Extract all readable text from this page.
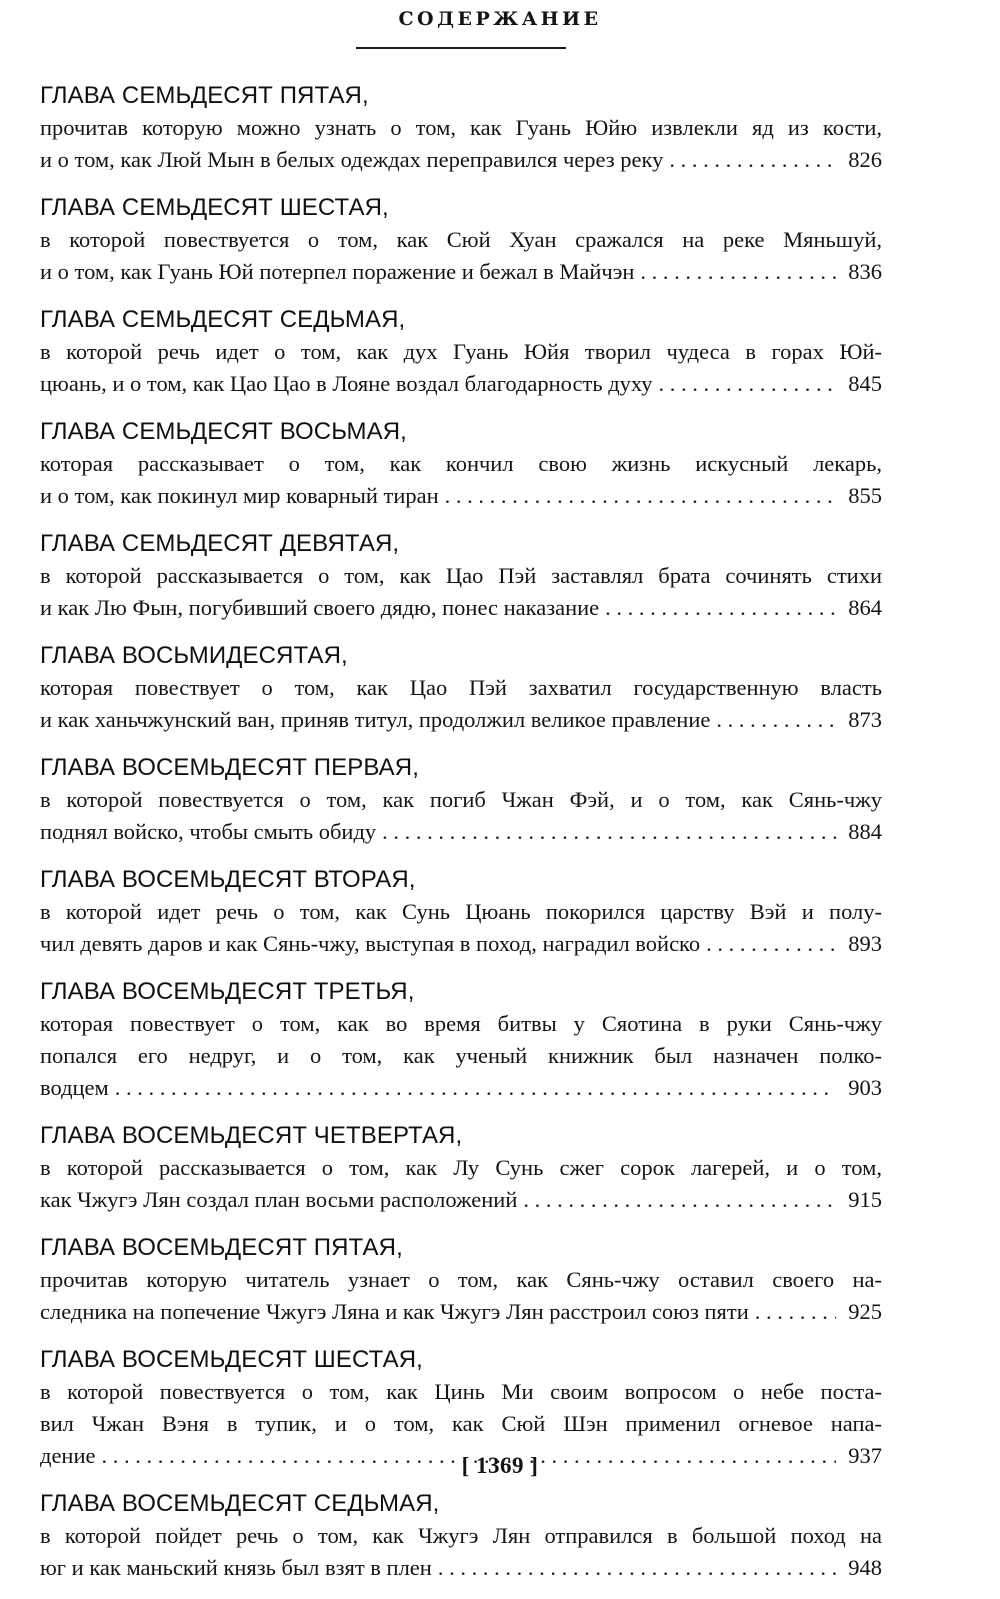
СОДЕРЖАНИЕ
ГЛАВА СЕМЬДЕСЯТ ПЯТАЯ,
прочитав которую можно узнать о том, как Гуань Юйю извлекли яд из кости,
и о том, как Люй Мын в белых одеждах переправился через реку . . .	826
ГЛАВА СЕМЬДЕСЯТ ШЕСТАЯ,
в которой повествуется о том, как Сюй Хуан сражался на реке Мяньшуй,
и о том, как Гуань Юй потерпел поражение и бежал в Майчэн . . .	836
ГЛАВА СЕМЬДЕСЯТ СЕДЬМАЯ,
в которой речь идет о том, как дух Гуань Юйя творил чудеса в горах Юй-
цюань, и о том, как Цао Цао в Лояне воздал благодарность духу . . .	845
ГЛАВА СЕМЬДЕСЯТ ВОСЬМАЯ,
которая рассказывает о том, как кончил свою жизнь искусный лекарь,
и о том, как покинул мир коварный тиран . . .	855
ГЛАВА СЕМЬДЕСЯТ ДЕВЯТАЯ,
в которой рассказывается о том, как Цао Пэй заставлял брата сочинять стихи
и как Лю Фын, погубивший своего дядю, понес наказание . . .	864
ГЛАВА ВОСЬМИДЕСЯТАЯ,
которая повествует о том, как Цао Пэй захватил государственную власть
и как ханьчжунский ван, приняв титул, продолжил великое правление . . .	873
ГЛАВА ВОСЕМЬДЕСЯТ ПЕРВАЯ,
в которой повествуется о том, как погиб Чжан Фэй, и о том, как Сянь-чжу
поднял войско, чтобы смыть обиду . . .	884
ГЛАВА ВОСЕМЬДЕСЯТ ВТОРАЯ,
в которой идет речь о том, как Сунь Цюань покорился царству Вэй и полу-
чил девять даров и как Сянь-чжу, выступая в поход, наградил войско . . .	893
ГЛАВА ВОСЕМЬДЕСЯТ ТРЕТЬЯ,
которая повествует о том, как во время битвы у Сяотина в руки Сянь-чжу
попался его недруг, и о том, как ученый книжник был назначен полко-
водцем . . .	903
ГЛАВА ВОСЕМЬДЕСЯТ ЧЕТВЕРТАЯ,
в которой рассказывается о том, как Лу Сунь сжег сорок лагерей, и о том,
как Чжугэ Лян создал план восьми расположений . . .	915
ГЛАВА ВОСЕМЬДЕСЯТ ПЯТАЯ,
прочитав которую читатель узнает о том, как Сянь-чжу оставил своего на-
следника на попечение Чжугэ Ляна и как Чжугэ Лян расстроил союз пяти . . .	925
ГЛАВА ВОСЕМЬДЕСЯТ ШЕСТАЯ,
в которой повествуется о том, как Цинь Ми своим вопросом о небе поста-
вил Чжан Вэня в тупик, и о том, как Сюй Шэн применил огневое напа-
дение . . .	937
ГЛАВА ВОСЕМЬДЕСЯТ СЕДЬМАЯ,
в которой пойдет речь о том, как Чжугэ Лян отправился в большой поход на
юг и как маньский князь был взят в плен . . .	948
[ 1369 ]
